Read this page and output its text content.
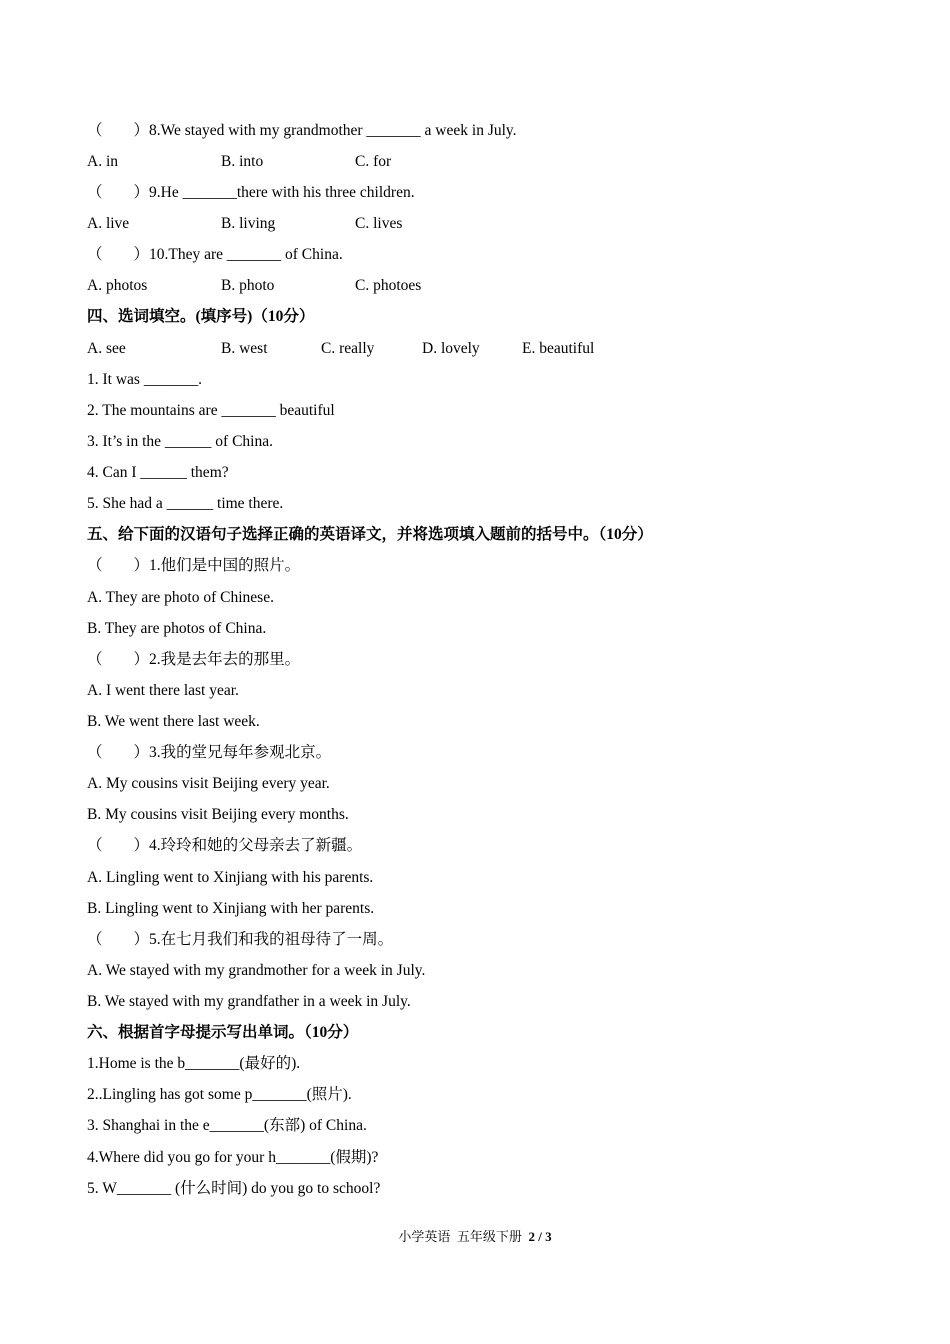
（        ）8.We stayed with my grandmother _______ a week in July.
A. in	B. into	C. for
（        ）9.He _______there with his three children.
A. live	B. living	C. lives
（        ）10.They are _______ of China.
A. photos	B. photo	C. photoes
四、选词填空。(填序号)（10分）
A. see	B. west	C. really	D. lovely	E. beautiful
1. It was _______.
2. The mountains are _______ beautiful
3. It’s in the ______ of China.
4. Can I ______ them?
5. She had a ______ time there.
五、给下面的汉语句子选择正确的英语译文，并将选项填入题前的括号中。（10分）
（        ）1.他们是中国的照片。
A. They are photo of Chinese.
B. They are photos of China.
（        ）2.我是去年去的那里。
A. I went there last year.
B. We went there last week.
（        ）3.我的堂兄每年参观北京。
A. My cousins visit Beijing every year.
B. My cousins visit Beijing every months.
（        ）4.玲玲和她的父母亲去了新疆。
A. Lingling went to Xinjiang with his parents.
B. Lingling went to Xinjiang with her parents.
（        ）5.在七月我们和我的祖母待了一周。
A. We stayed with my grandmother for a week in July.
B. We stayed with my grandfather in a week in July.
六、根据首字母提示写出单词。（10分）
1.Home is the b_______(最好的).
2..Lingling has got some p_______(照片).
3. Shanghai in the e_______(东部) of China.
4.Where did you go for your h_______(假期)?
5. W_______ (什么时间) do you go to school?
小学英语  五年级下册  2 / 3
